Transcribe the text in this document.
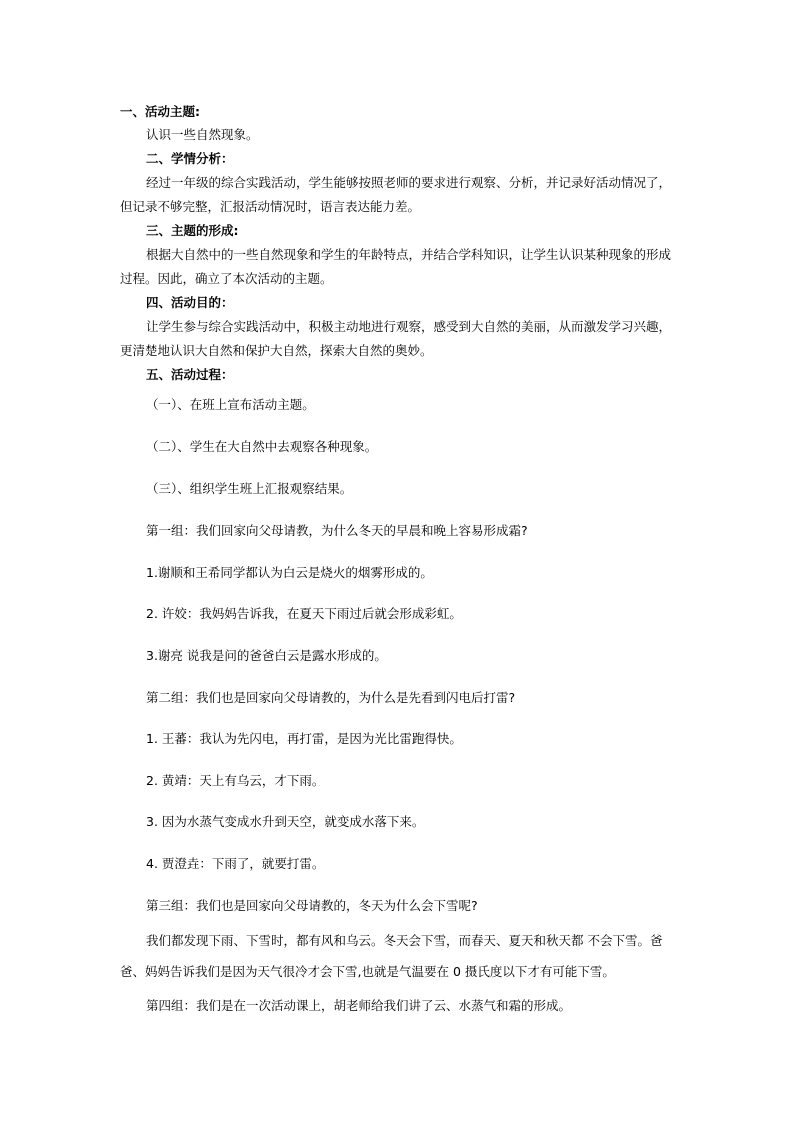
一、活动主题:
认识一些自然现象。
二、学情分析：
经过一年级的综合实践活动，学生能够按照老师的要求进行观察、分析，并记录好活动情况了，
但记录不够完整，汇报活动情况时，语言表达能力差。
三、主题的形成:
根据大自然中的一些自然现象和学生的年龄特点，并结合学科知识，让学生认识某种现象的形成
过程。因此，确立了本次活动的主题。
四、活动目的：
让学生参与综合实践活动中，积极主动地进行观察，感受到大自然的美丽，从而激发学习兴趣，
更清楚地认识大自然和保护大自然，探索大自然的奥妙。
五、活动过程：
（一）、在班上宣布活动主题。
（二）、学生在大自然中去观察各种现象。
（三）、组织学生班上汇报观察结果。
第一组：我们回家向父母请教，为什么冬天的早晨和晚上容易形成霜?
1.谢顺和王希同学都认为白云是烧火的烟雾形成的。
2. 许姣：我妈妈告诉我，在夏天下雨过后就会形成彩虹。
3.谢亮 说我是问的爸爸白云是露水形成的。
第二组：我们也是回家向父母请教的，为什么是先看到闪电后打雷?
1. 王蕃：我认为先闪电，再打雷，是因为光比雷跑得快。
2. 黄靖：天上有乌云，才下雨。
3. 因为水蒸气变成水升到天空，就变成水落下来。
4. 贾澄垚：下雨了，就要打雷。
第三组：我们也是回家向父母请教的，冬天为什么会下雪呢?
我们都发现下雨、下雪时，都有风和乌云。冬天会下雪，而春天、夏天和秋天都 不会下雪。爸
爸、妈妈告诉我们是因为天气很冷才会下雪,也就是气温要在 0 摄氏度以下才有可能下雪。
第四组：我们是在一次活动课上，胡老师给我们讲了云、水蒸气和霜的形成。
